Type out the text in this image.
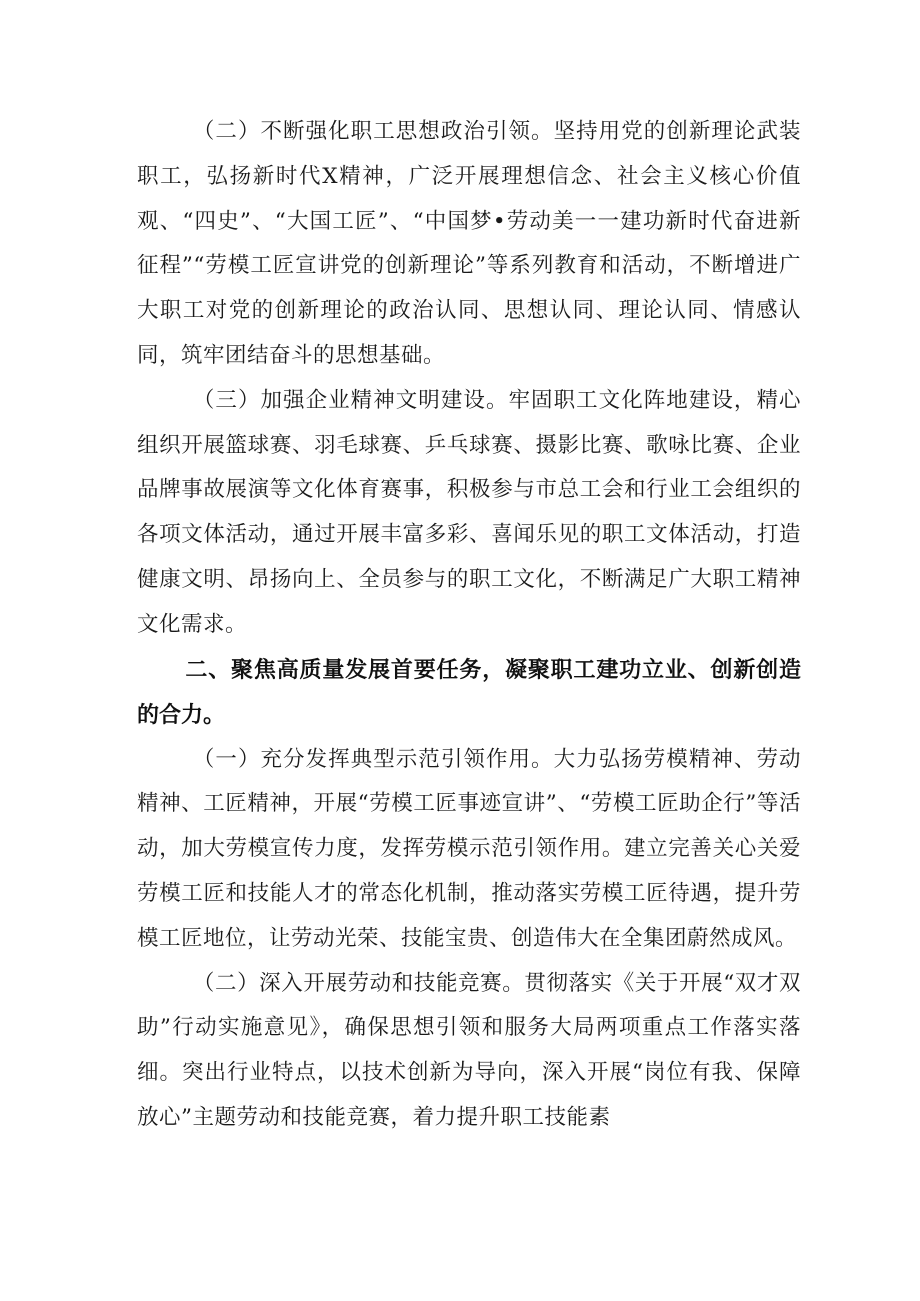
（二）不断强化职工思想政治引领。坚持用党的创新理论武装职工，弘扬新时代X精神，广泛开展理想信念、社会主义核心价值观、“四史”、“大国工匠”、“中国梦•劳动美一一建功新时代奋进新征程”“劳模工匠宣讲党的创新理论”等系列教育和活动，不断增进广大职工对党的创新理论的政治认同、思想认同、理论认同、情感认同，筑牢团结奋斗的思想基础。

（三）加强企业精神文明建设。牢固职工文化阵地建设，精心组织开展篮球赛、羽毛球赛、乒乓球赛、摄影比赛、歌咏比赛、企业品牌事故展演等文化体育赛事，积极参与市总工会和行业工会组织的各项文体活动，通过开展丰富多彩、喜闻乐见的职工文体活动，打造健康文明、昂扬向上、全员参与的职工文化，不断满足广大职工精神文化需求。

二、聚焦高质量发展首要任务，凝聚职工建功立业、创新创造的合力。

（一）充分发挥典型示范引领作用。大力弘扬劳模精神、劳动精神、工匠精神，开展“劳模工匠事迹宣讲”、“劳模工匠助企行”等活动，加大劳模宣传力度，发挥劳模示范引领作用。建立完善关心关爱劳模工匠和技能人才的常态化机制，推动落实劳模工匠待遇，提升劳模工匠地位，让劳动光荣、技能宝贵、创造伟大在全集团蔚然成风。

（二）深入开展劳动和技能竞赛。贯彻落实《关于开展“双才双助”行动实施意见》，确保思想引领和服务大局两项重点工作落实落细。突出行业特点，以技术创新为导向，深入开展“岗位有我、保障放心”主题劳动和技能竞赛，着力提升职工技能素
